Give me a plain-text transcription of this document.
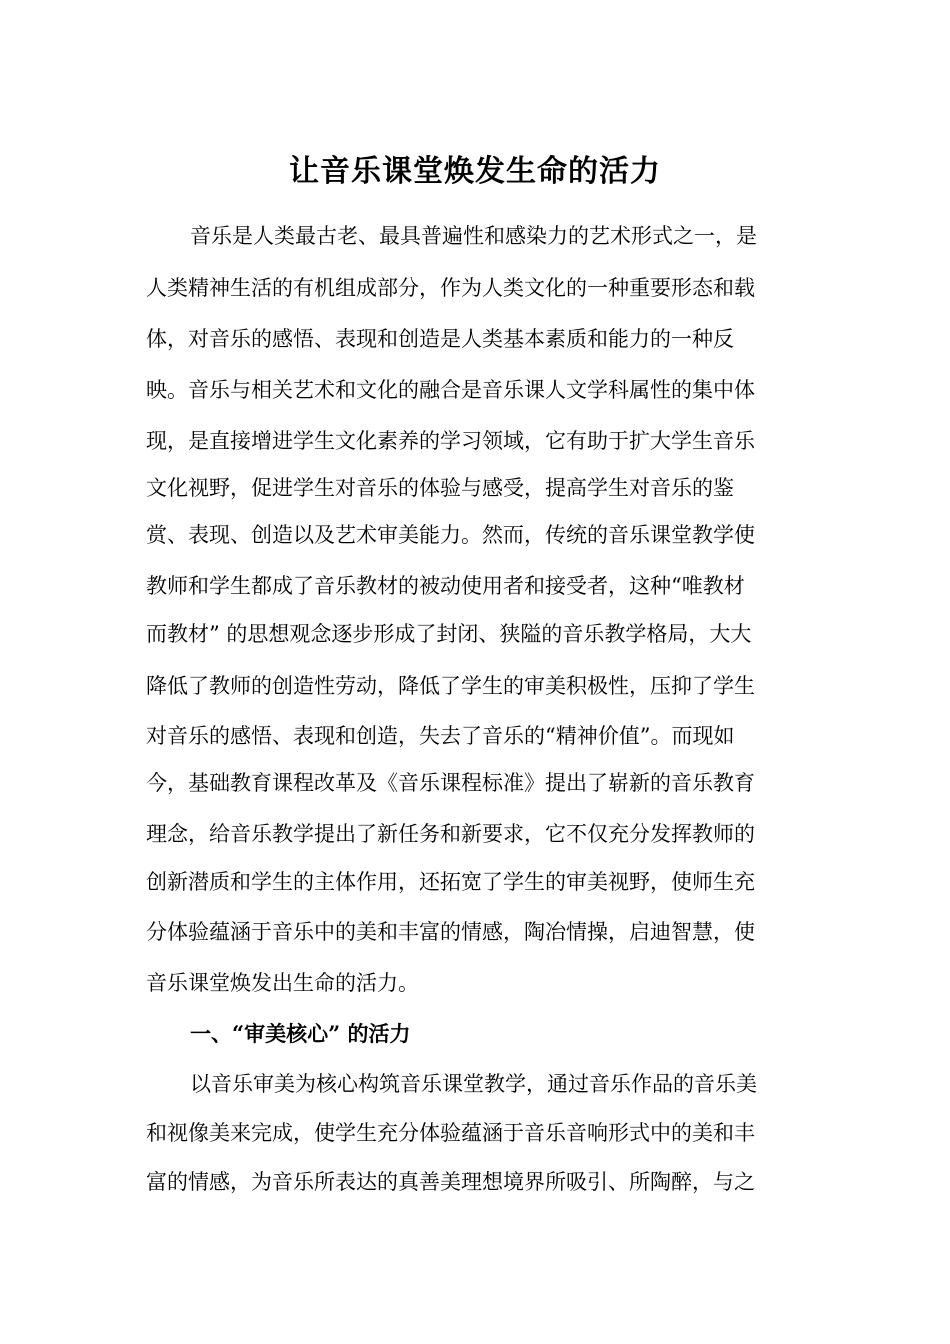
让音乐课堂焕发生命的活力
音乐是人类最古老、最具普遍性和感染力的艺术形式之一，是
人类精神生活的有机组成部分，作为人类文化的一种重要形态和载
体，对音乐的感悟、表现和创造是人类基本素质和能力的一种反
映。音乐与相关艺术和文化的融合是音乐课人文学科属性的集中体
现，是直接增进学生文化素养的学习领域，它有助于扩大学生音乐
文化视野，促进学生对音乐的体验与感受，提高学生对音乐的鉴
赏、表现、创造以及艺术审美能力。然而，传统的音乐课堂教学使
教师和学生都成了音乐教材的被动使用者和接受者，这种“唯教材
而教材” 的思想观念逐步形成了封闭、狭隘的音乐教学格局，大大
降低了教师的创造性劳动，降低了学生的审美积极性，压抑了学生
对音乐的感悟、表现和创造，失去了音乐的“精神价值”。而现如
今，基础教育课程改革及《音乐课程标准》提出了崭新的音乐教育
理念，给音乐教学提出了新任务和新要求，它不仅充分发挥教师的
创新潜质和学生的主体作用，还拓宽了学生的审美视野，使师生充
分体验蕴涵于音乐中的美和丰富的情感，陶冶情操，启迪智慧，使
音乐课堂焕发出生命的活力。
一、“审美核心” 的活力
以音乐审美为核心构筑音乐课堂教学，通过音乐作品的音乐美
和视像美来完成，使学生充分体验蕴涵于音乐音响形式中的美和丰
富的情感，为音乐所表达的真善美理想境界所吸引、所陶醉，与之
